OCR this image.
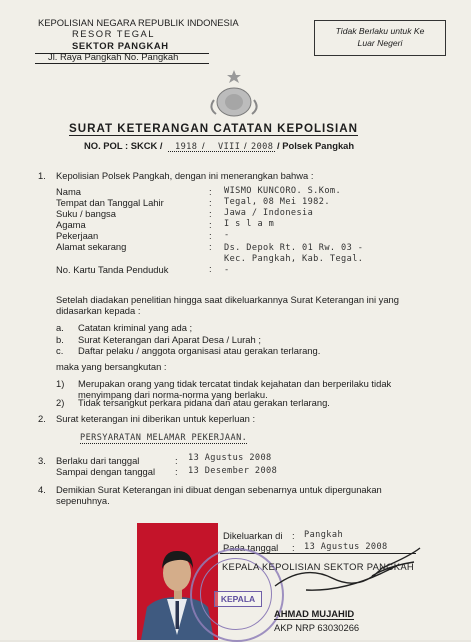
KEPOLISIAN NEGARA REPUBLIK INDONESIA
RESOR TEGAL
SEKTOR PANGKAH
Jl. Raya Pangkah No. Pangkah
Tidak Berlaku untuk Ke
Luar Negeri
SURAT KETERANGAN CATATAN KEPOLISIAN
NO. POL : SKCK / 1918 / VIII / 2008 / Polsek Pangkah
1. Kepolisian Polsek Pangkah, dengan ini menerangkan bahwa :
Nama
Tempat dan Tanggal Lahir
Suku / bangsa
Agama
Pekerjaan
Alamat sekarang
No. Kartu Tanda Penduduk
:
:
:
:
:
:

:
WISMO KUNCORO. S.Kom.
Tegal, 08 Mei 1982.
Jawa / Indonesia
I s l a m
-
Ds. Depok Rt. 01 Rw. 03 -
Kec. Pangkah, Kab. Tegal.
-
Setelah diadakan penelitian hingga saat dikeluarkannya Surat Keterangan ini yang
didasarkan kepada :
a. Catatan kriminal yang ada ;
b. Surat Keterangan dari Aparat Desa / Lurah ;
c. Daftar pelaku / anggota organisasi atau gerakan terlarang.
maka yang bersangkutan :
1) Merupakan orang yang tidak tercatat tindak kejahatan dan berperilaku tidak
menyimpang dari norma-norma yang berlaku.
2) Tidak tersangkut perkara pidana dan atau gerakan terlarang.
2. Surat keterangan ini diberikan untuk keperluan :
PERSYARATAN MELAMAR PEKERJAAN.
3. Berlaku dari tanggal	: 13 Agustus 2008
Sampai dengan tanggal : 13 Desember 2008
4. Demikian Surat Keterangan ini dibuat dengan sebenarnya untuk dipergunakan
sepenuhnya.
Dikeluarkan di : Pangkah
Pada tanggal : 13 Agustus 2008
KEPALA
KEPALA KEPOLISIAN SEKTOR PANGKAH
AHMAD MUJAHID
AKP NRP 63030266
